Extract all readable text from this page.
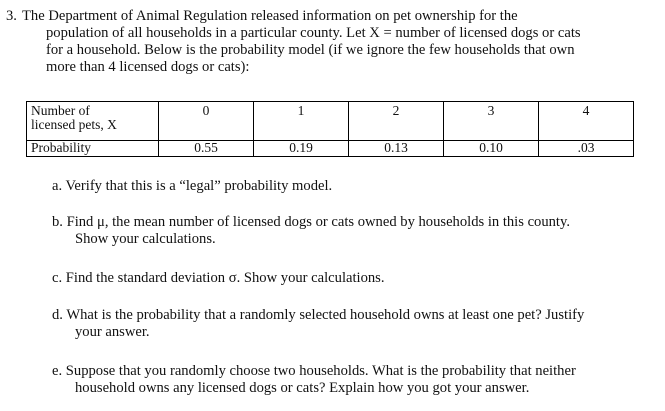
3. The Department of Animal Regulation released information on pet ownership for the
population of all households in a particular county. Let X = number of licensed dogs or cats
for a household. Below is the probability model (if we ignore the few households that own
more than 4 licensed dogs or cats):
Number of
licensed pets, X	0	1	2	3	4
Probability	0.55	0.19	0.13	0.10	.03
a. Verify that this is a “legal” probability model.
b. Find μ, the mean number of licensed dogs or cats owned by households in this county.
Show your calculations.
c. Find the standard deviation σ. Show your calculations.
d. What is the probability that a randomly selected household owns at least one pet? Justify
your answer.
e. Suppose that you randomly choose two households. What is the probability that neither
household owns any licensed dogs or cats? Explain how you got your answer.
